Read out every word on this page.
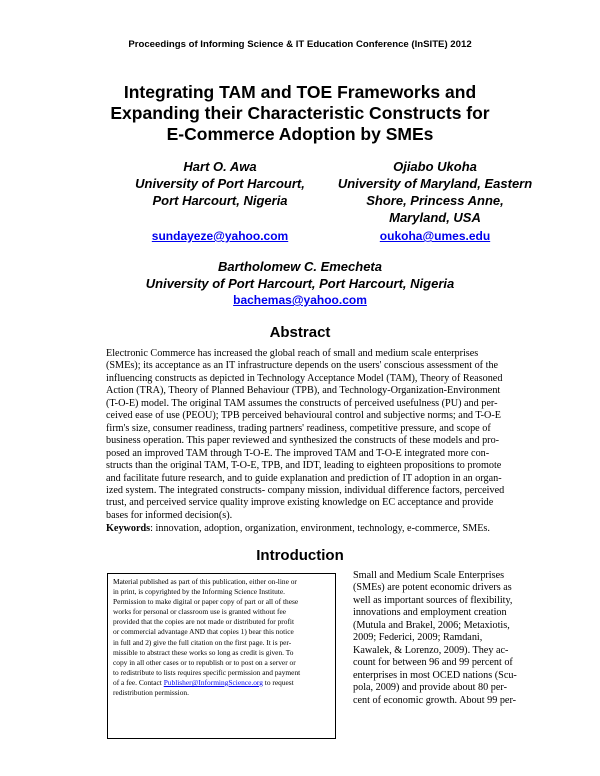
Proceedings of Informing Science & IT Education Conference (InSITE) 2012
Integrating TAM and TOE Frameworks and
Expanding their Characteristic Constructs for
E-Commerce Adoption by SMEs
Hart O. Awa
University of Port Harcourt,
Port Harcourt, Nigeria
Ojiabo Ukoha
University of Maryland, Eastern
Shore, Princess Anne,
Maryland, USA
sundayeze@yahoo.com	oukoha@umes.edu
Bartholomew C. Emecheta
University of Port Harcourt, Port Harcourt, Nigeria
bachemas@yahoo.com
Abstract
Electronic Commerce has increased the global reach of small and medium scale enterprises
(SMEs); its acceptance as an IT infrastructure depends on the users' conscious assessment of the
influencing constructs as depicted in Technology Acceptance Model (TAM), Theory of Reasoned
Action (TRA), Theory of Planned Behaviour (TPB), and Technology-Organization-Environment
(T-O-E) model. The original TAM assumes the constructs of perceived usefulness (PU) and per-
ceived ease of use (PEOU); TPB perceived behavioural control and subjective norms; and T-O-E
firm's size, consumer readiness, trading partners' readiness, competitive pressure, and scope of
business operation. This paper reviewed and synthesized the constructs of these models and pro-
posed an improved TAM through T-O-E. The improved TAM and T-O-E integrated more con-
structs than the original TAM, T-O-E, TPB, and IDT, leading to eighteen propositions to promote
and facilitate future research, and to guide explanation and prediction of IT adoption in an organ-
ized system. The integrated constructs- company mission, individual difference factors, perceived
trust, and perceived service quality improve existing knowledge on EC acceptance and provide
bases for informed decision(s).
Keywords: innovation, adoption, organization, environment, technology, e-commerce, SMEs.
Introduction
Material published as part of this publication, either on-line or
in print, is copyrighted by the Informing Science Institute.
Permission to make digital or paper copy of part or all of these
works for personal or classroom use is granted without fee
provided that the copies are not made or distributed for profit
or commercial advantage AND that copies 1) bear this notice
in full and 2) give the full citation on the first page. It is per-
missible to abstract these works so long as credit is given. To
copy in all other cases or to republish or to post on a server or
to redistribute to lists requires specific permission and payment
of a fee. Contact Publisher@InformingScience.org to request
redistribution permission.
Small and Medium Scale Enterprises
(SMEs) are potent economic drivers as
well as important sources of flexibility,
innovations and employment creation
(Mutula and Brakel, 2006; Metaxiotis,
2009; Federici, 2009; Ramdani,
Kawalek, & Lorenzo, 2009). They ac-
count for between 96 and 99 percent of
enterprises in most OCED nations (Scu-
pola, 2009) and provide about 80 per-
cent of economic growth. About 99 per-
